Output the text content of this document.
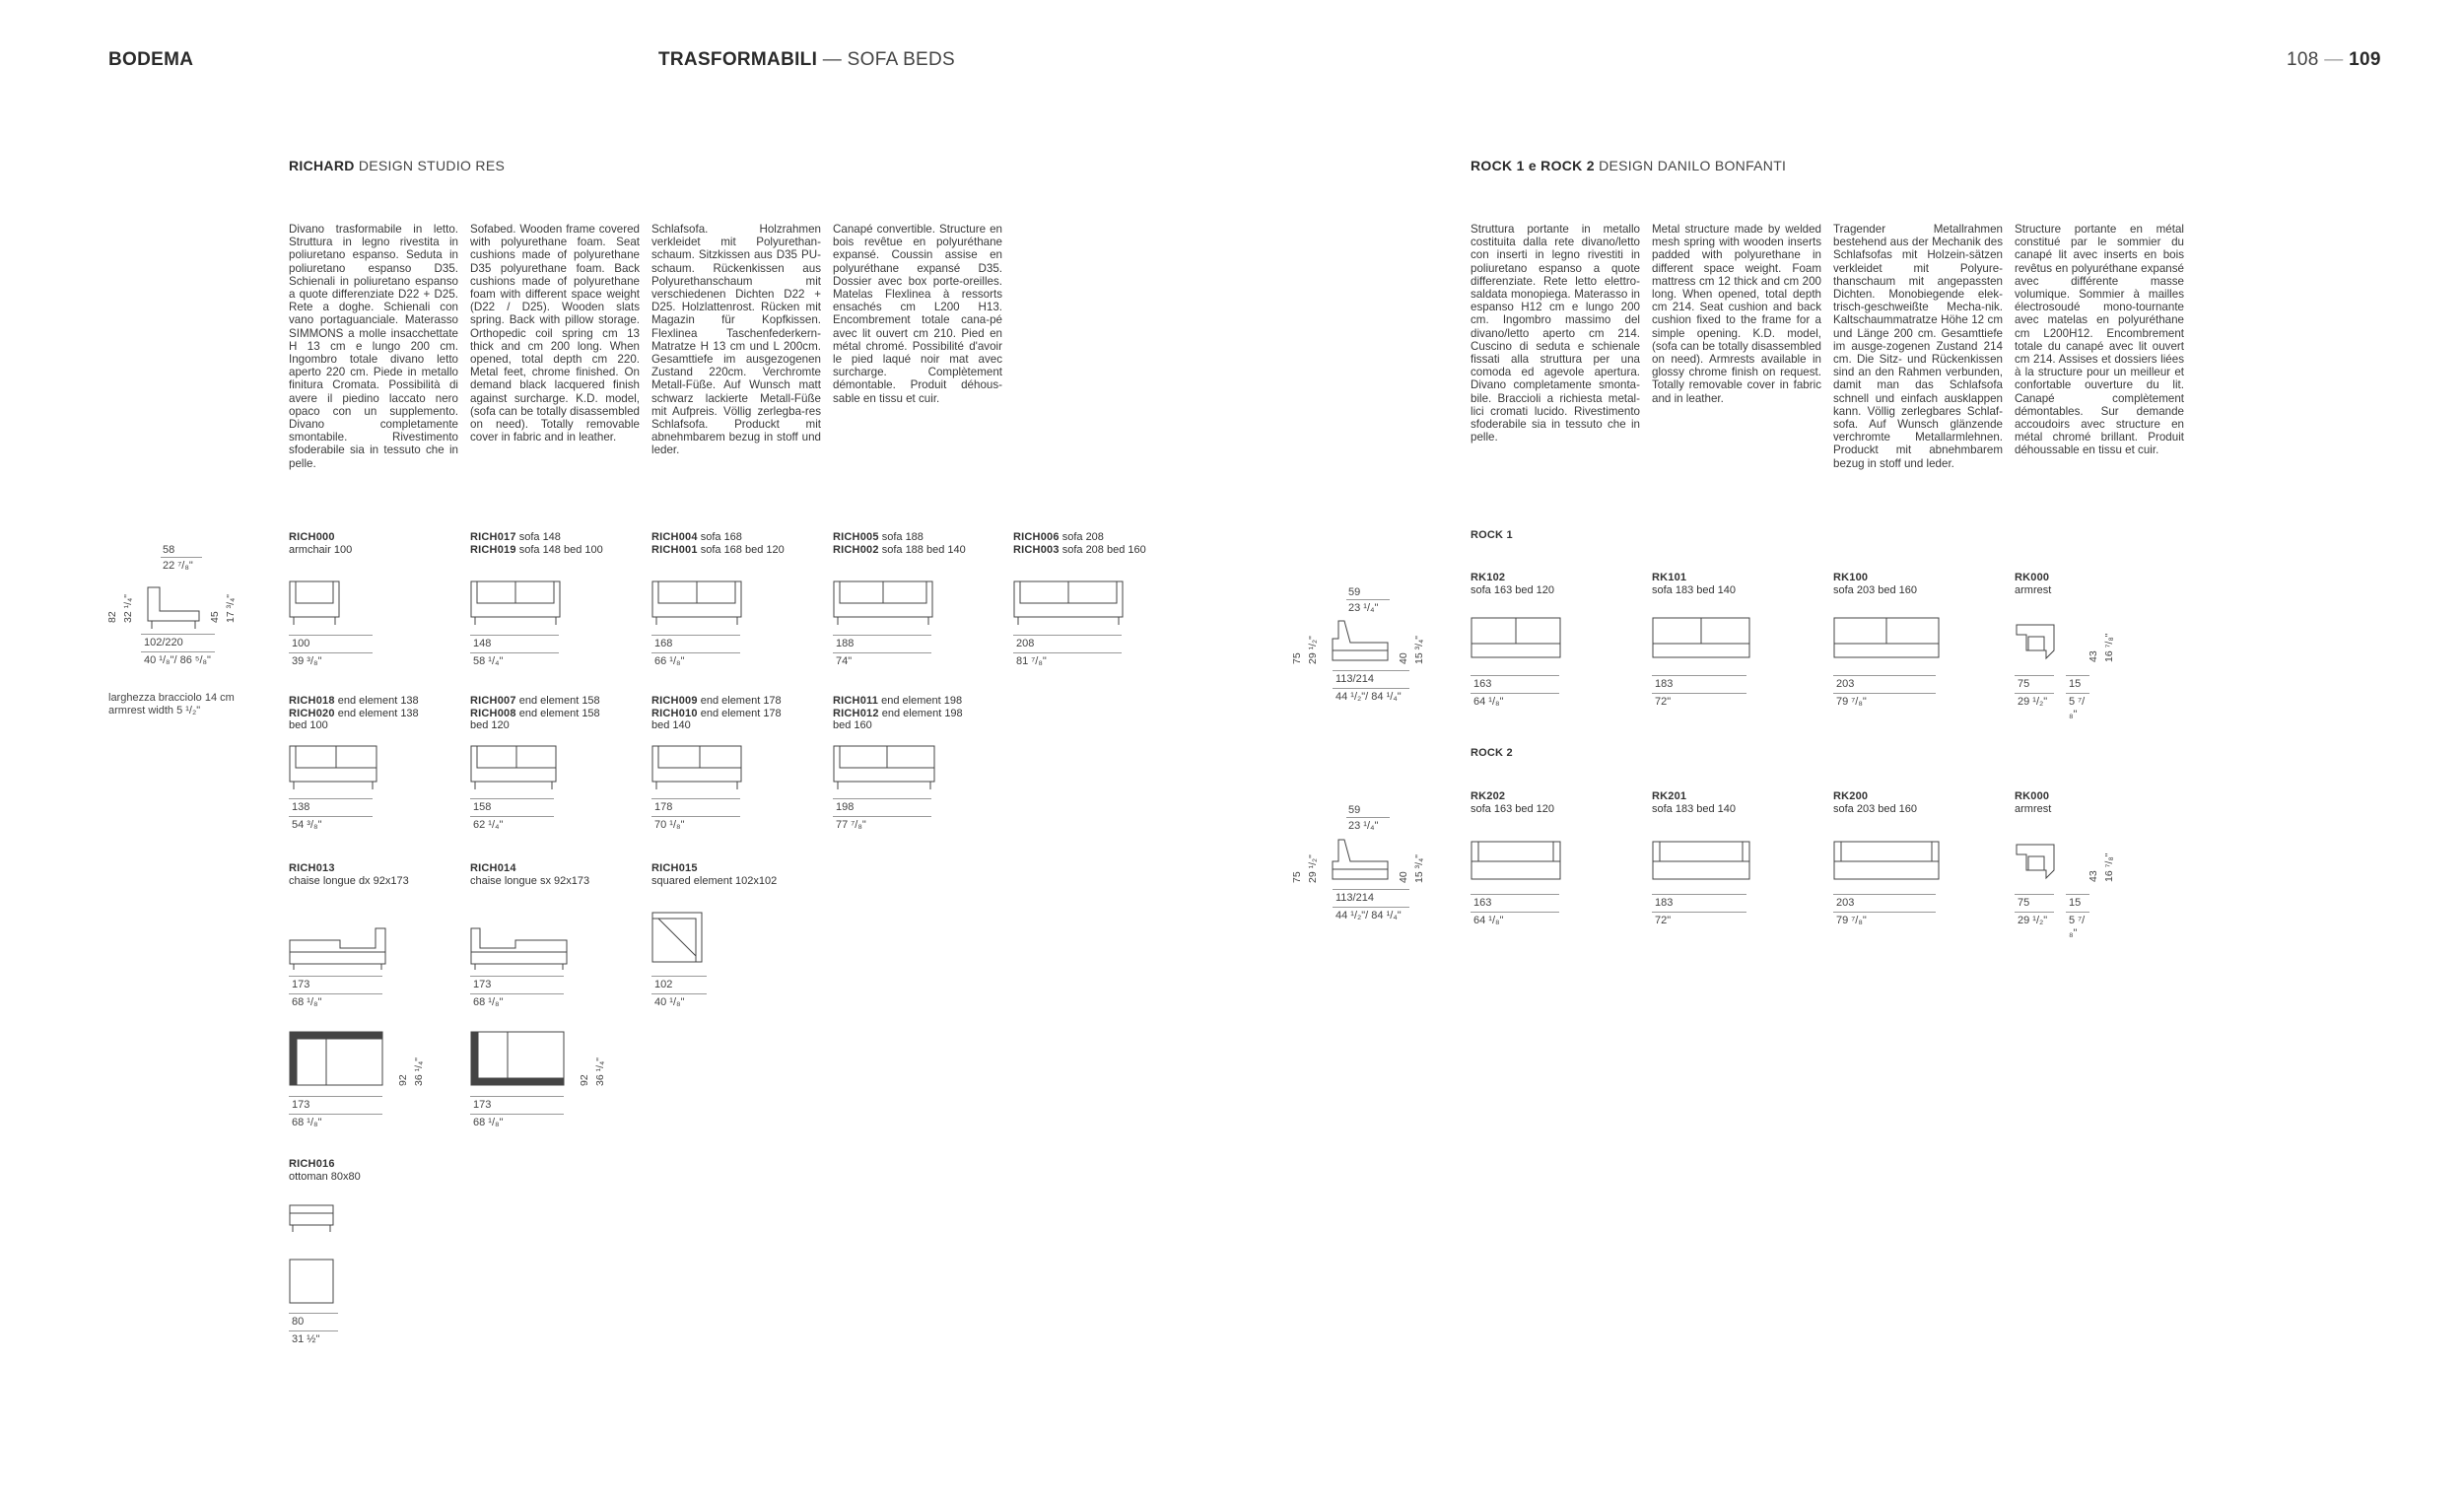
BODEMA	TRASFORMABILI — SOFA BEDS	108 — 109
RICHARD DESIGN STUDIO RES
Divano trasformabile in letto. Struttura in legno rivestita in poliuretano espanso. Seduta in poliuretano espanso D35. Schienali in poliuretano espanso a quote differenziate D22 + D25. Rete a doghe. Schienali con vano portaguanciale. Materasso SIMMONS a molle insacchettate H 13 cm e lungo 200 cm. Ingombro totale divano letto aperto 220 cm. Piede in metallo finitura Cromata. Possibilità di avere il piedino laccato nero opaco con un supplemento. Divano completamente smontabile. Rivestimento sfoderabile sia in tessuto che in pelle.
Sofabed. Wooden frame covered with polyurethane foam. Seat cushions made of polyurethane D35 polyurethane foam. Back cushions made of polyurethane foam with different space weight (D22 / D25). Wooden slats spring. Back with pillow storage. Orthopedic coil spring cm 13 thick and cm 200 long. When opened, total depth cm 220. Metal feet, chrome finished. On demand black lacquered finish against surcharge. K.D. model, (sofa can be totally disassembled on need). Totally removable cover in fabric and in leather.
Schlafsofa. Holzrahmen verkleidet mit Polyurethan-schaum. Sitzkissen aus D35 PU-schaum. Rückenkissen aus Polyurethanschaum mit verschiedenen Dichten D22 + D25. Holzlattenrost. Rücken mit Magazin für Kopfkissen. Flexlinea Taschenfederkern-Matratze H 13 cm und L 200cm. Gesamttiefe im ausgezogenen Zustand 220cm. Verchromte Metall-Füße. Auf Wunsch matt schwarz lackierte Metall-Füße mit Aufpreis. Völlig zerlegba-res Schlafsofa. Produckt mit abnehmbarem bezug in stoff und leder.
Canapé convertible. Structure en bois revêtue en polyuréthane expansé. Coussin assise en polyuréthane expansé D35. Dossier avec box porte-oreilles. Matelas Flexlinea à ressorts ensachés cm L200 H13. Encombrement totale cana-pé avec lit ouvert cm 210. Pied en métal chromé. Possibilité d'avoir le pied laqué noir mat avec surcharge. Complètement démontable. Produit déhous-sable en tissu et cuir.
58
22 ⁷/₈"
82 32 ¹/₄"	45 17 ³/₄"
102/220
40 ¹/₈"/ 86 ⁵/₈"
larghezza bracciolo 14 cm
armrest width 5 ¹/₂"
RICH000
armchair 100
100
39 ³/₈"
RICH017 sofa 148
RICH019 sofa 148 bed 100
148
58 ¹/₄"
RICH004 sofa 168
RICH001 sofa 168 bed 120
168
66 ¹/₈"
RICH005 sofa 188
RICH002 sofa 188 bed 140
188
74"
RICH006 sofa 208
RICH003 sofa 208 bed 160
208
81 ⁷/₈"
RICH018 end element 138
RICH020 end element 138
bed 100
138
54 ³/₈"
RICH007 end element 158
RICH008 end element 158
bed 120
158
62 ¹/₄"
RICH009 end element 178
RICH010 end element 178
bed 140
178
70 ¹/₈"
RICH011 end element 198
RICH012 end element 198
bed 160
198
77 ⁷/₈"
RICH013
chaise longue dx 92x173
173
68 ¹/₈"
RICH014
chaise longue sx 92x173
173
68 ¹/₈"
RICH015
squared element 102x102
102
40 ¹/₈"
92 36 ¹/₄"
173
68 ¹/₈"
92 36 ¹/₄"
173
68 ¹/₈"
RICH016
ottoman 80x80
80
31 ½"
ROCK 1 e ROCK 2 DESIGN DANILO BONFANTI
Struttura portante in metallo costituita dalla rete divano/letto con inserti in legno rivestiti in poliuretano espanso a quote differenziate. Rete letto elettro-saldata monopiega. Materasso in espanso H12 cm e lungo 200 cm. Ingombro massimo del divano/letto aperto cm 214. Cuscino di seduta e schienale fissati alla struttura per una comoda ed agevole apertura. Divano completamente smonta-bile. Braccioli a richiesta metal-lici cromati lucido. Rivestimento sfoderabile sia in tessuto che in pelle.
Metal structure made by welded mesh spring with wooden inserts padded with polyurethane in different space weight. Foam mattress cm 12 thick and cm 200 long. When opened, total depth cm 214. Seat cushion and back cushion fixed to the frame for a simple opening. K.D. model, (sofa can be totally disassembled on need). Armrests available in glossy chrome finish on request. Totally removable cover in fabric and in leather.
Tragender Metallrahmen bestehend aus der Mechanik des Schlafsofas mit Holzein-sätzen verkleidet mit Polyure-thanschaum mit angepassten Dichten. Monobiegende elek-trisch-geschweißte Mecha-nik. Kaltschaummatratze Höhe 12 cm und Länge 200 cm. Gesamttiefe im ausge-zogenen Zustand 214 cm. Die Sitz- und Rückenkissen sind an den Rahmen verbunden, damit man das Schlafsofa schnell und einfach ausklappen kann. Völlig zerlegbares Schlaf-sofa. Auf Wunsch glänzende verchromte Metallarmlehnen. Produckt mit abnehmbarem bezug in stoff und leder.
Structure portante en métal constitué par le sommier du canapé lit avec inserts en bois revêtus en polyuréthane expansé avec différente masse volumique. Sommier à mailles électrosoudé mono-tournante avec matelas en polyuréthane cm L200H12. Encombrement totale du canapé avec lit ouvert cm 214. Assises et dossiers liées à la structure pour un meilleur et confortable ouverture du lit. Canapé complètement démontables. Sur demande accoudoirs avec structure en métal chromé brillant. Produit déhoussable en tissu et cuir.
ROCK 1
59
23 ¹/₄"
75 29 ¹/₂"	40 15 ³/₄"
113/214
44 ¹/₂"/ 84 ¹/₄"
RK102
sofa 163 bed 120
163
64 ¹/₈"
RK101
sofa 183 bed 140
183
72"
RK100
sofa 203 bed 160
203
79 ⁷/₈"
RK000
armrest
43 16 ⁷/₈"
75
29 ¹/₂"
15
5 ⁷/₈"
ROCK 2
59
23 ¹/₄"
75 29 ¹/₂"	40 15 ³/₄"
113/214
44 ¹/₂"/ 84 ¹/₄"
RK202
sofa 163 bed 120
163
64 ¹/₈"
RK201
sofa 183 bed 140
183
72"
RK200
sofa 203 bed 160
203
79 ⁷/₈"
RK000
armrest
43 16 ⁷/₈"
75
29 ¹/₂"
15
5 ⁷/₈"
